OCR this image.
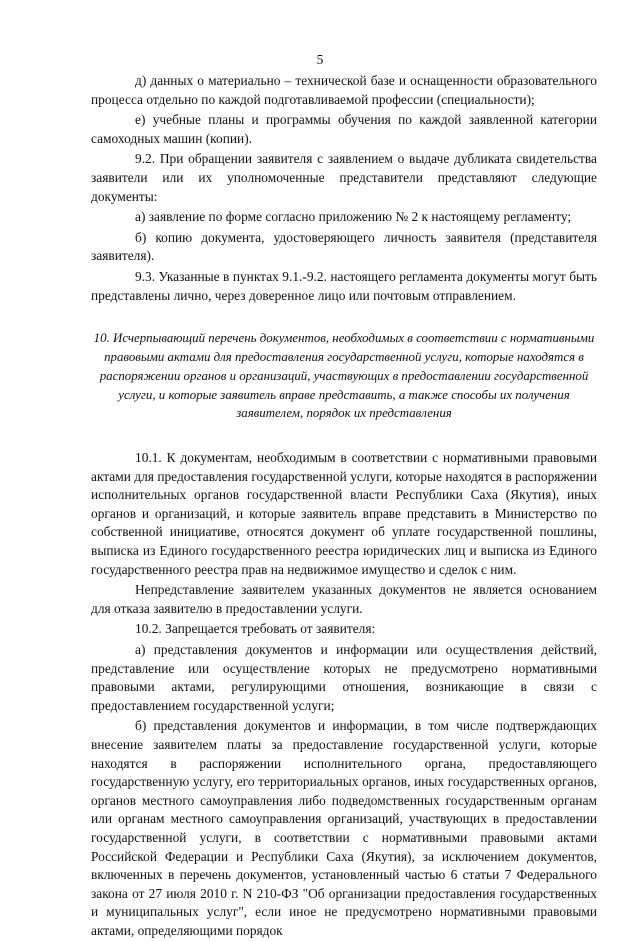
5

д) данных о материально – технической базе и оснащенности образовательного процесса отдельно по каждой подготавливаемой профессии (специальности);

е) учебные планы и программы обучения по каждой заявленной категории самоходных машин (копии).

9.2. При обращении заявителя с заявлением о выдаче дубликата свидетельства заявители или их уполномоченные представители представляют следующие документы:

а) заявление по форме согласно приложению № 2 к настоящему регламенту;

б) копию документа, удостоверяющего личность заявителя (представителя заявителя).

9.3. Указанные в пунктах 9.1.-9.2. настоящего регламента документы могут быть представлены лично, через доверенное лицо или почтовым отправлением.

10. Исчерпывающий перечень документов, необходимых в соответствии с нормативными правовыми актами для предоставления государственной услуги, которые находятся в распоряжении органов и организаций, участвующих в предоставлении государственной услуги, и которые заявитель вправе представить, а также способы их получения заявителем, порядок их представления

10.1. К документам, необходимым в соответствии с нормативными правовыми актами для предоставления государственной услуги, которые находятся в распоряжении исполнительных органов государственной власти Республики Саха (Якутия), иных органов и организаций, и которые заявитель вправе представить в Министерство по собственной инициативе, относятся документ об уплате государственной пошлины, выписка из Единого государственного реестра юридических лиц и выписка из Единого государственного реестра прав на недвижимое имущество и сделок с ним.

Непредставление заявителем указанных документов не является основанием для отказа заявителю в предоставлении услуги.

10.2. Запрещается требовать от заявителя:

а) представления документов и информации или осуществления действий, представление или осуществление которых не предусмотрено нормативными правовыми актами, регулирующими отношения, возникающие в связи с предоставлением государственной услуги;

б) представления документов и информации, в том числе подтверждающих внесение заявителем платы за предоставление государственной услуги, которые находятся в распоряжении исполнительного органа, предоставляющего государственную услугу, его территориальных органов, иных государственных органов, органов местного самоуправления либо подведомственных государственным органам или органам местного самоуправления организаций, участвующих в предоставлении государственной услуги, в соответствии с нормативными правовыми актами Российской Федерации и Республики Саха (Якутия), за исключением документов, включенных в перечень документов, установленный частью 6 статьи 7 Федерального закона от 27 июля 2010 г. N 210-ФЗ "Об организации предоставления государственных и муниципальных услуг", если иное не предусмотрено нормативными правовыми актами, определяющими порядок
